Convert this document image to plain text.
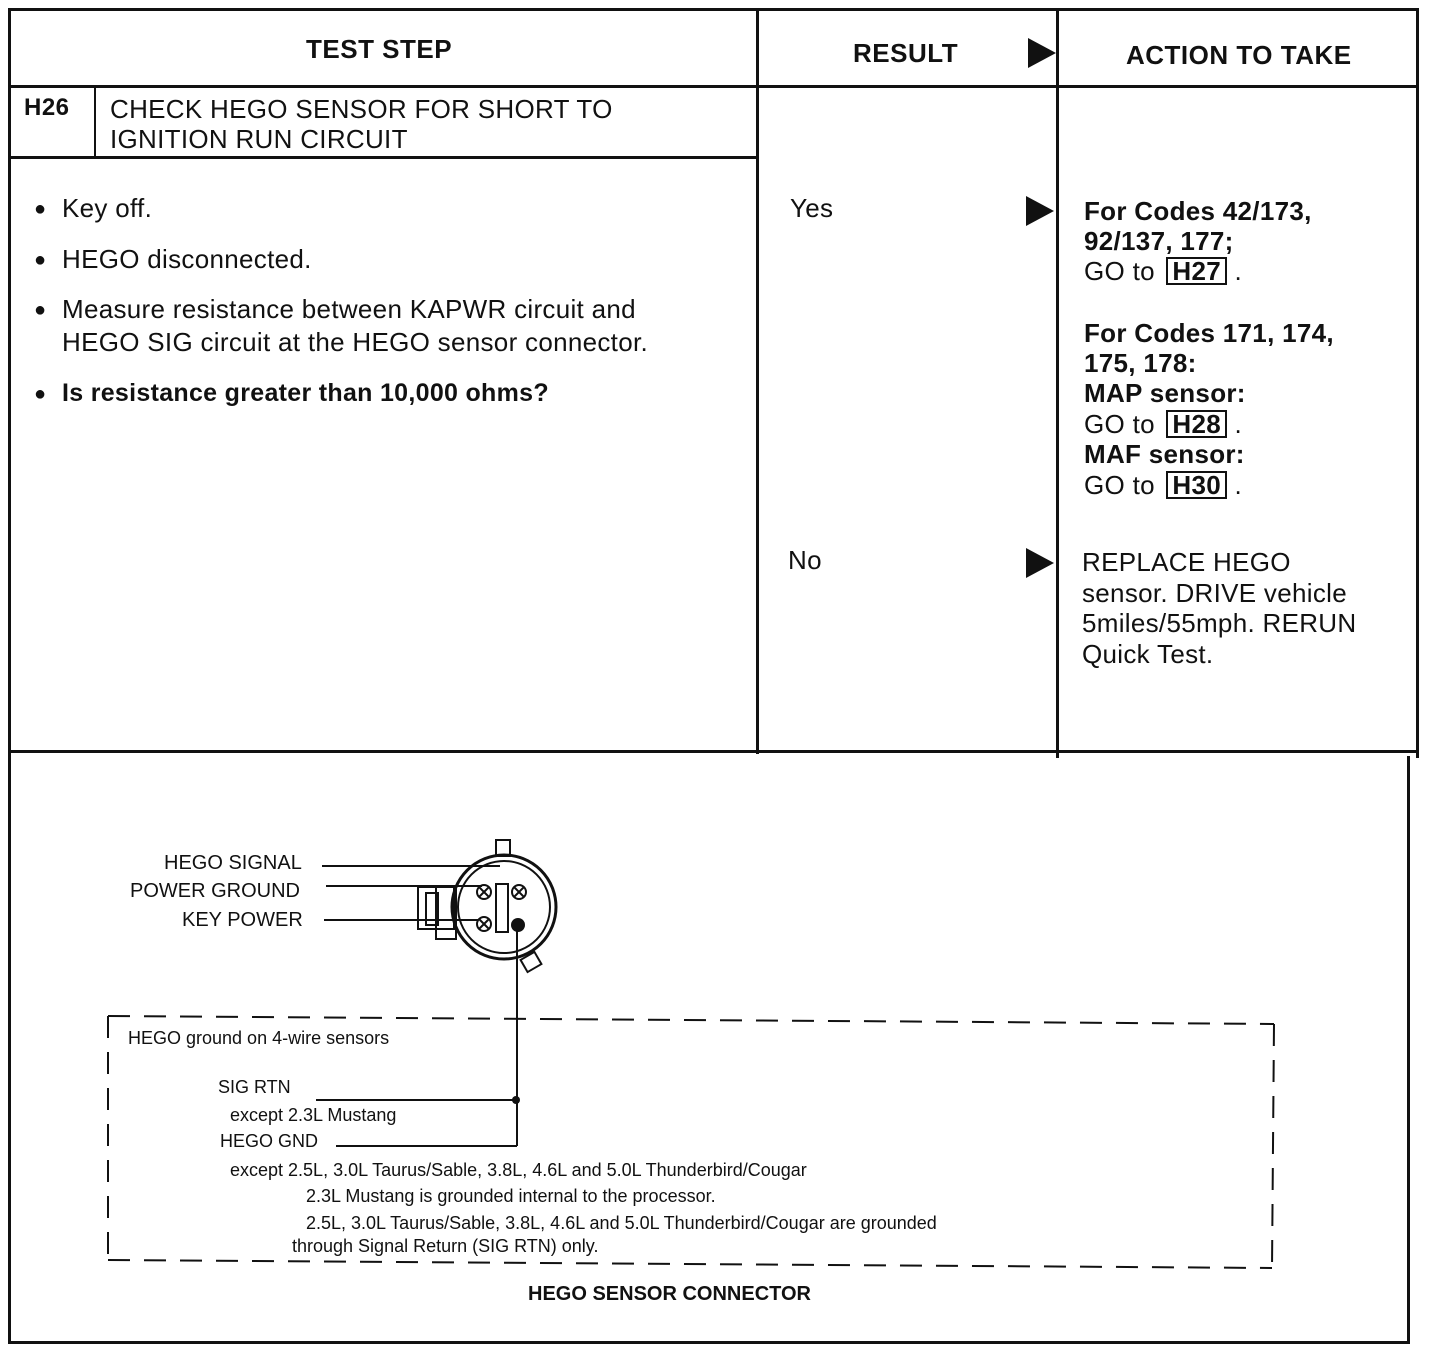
TEST STEP	RESULT	ACTION TO TAKE
H26 CHECK HEGO SENSOR FOR SHORT TO
IGNITION RUN CIRCUIT
● Key off.
● HEGO disconnected.
● Measure resistance between KAPWR circuit and
HEGO SIG circuit at the HEGO sensor connector.
● Is resistance greater than 10,000 ohms?
Yes
No
For Codes 42/173,
92/137, 177;
GO to H27 .
For Codes 171, 174,
175, 178:
MAP sensor:
GO to H28 .
MAF sensor:
GO to H30 .
REPLACE HEGO
sensor. DRIVE vehicle
5miles/55mph. RERUN
Quick Test.
HEGO SIGNAL
POWER GROUND
KEY POWER
HEGO ground on 4-wire sensors
SIG RTN
except 2.3L Mustang
HEGO GND
except 2.5L, 3.0L Taurus/Sable, 3.8L, 4.6L and 5.0L Thunderbird/Cougar
2.3L Mustang is grounded internal to the processor.
2.5L, 3.0L Taurus/Sable, 3.8L, 4.6L and 5.0L Thunderbird/Cougar are grounded
through Signal Return (SIG RTN) only.
HEGO SENSOR CONNECTOR
